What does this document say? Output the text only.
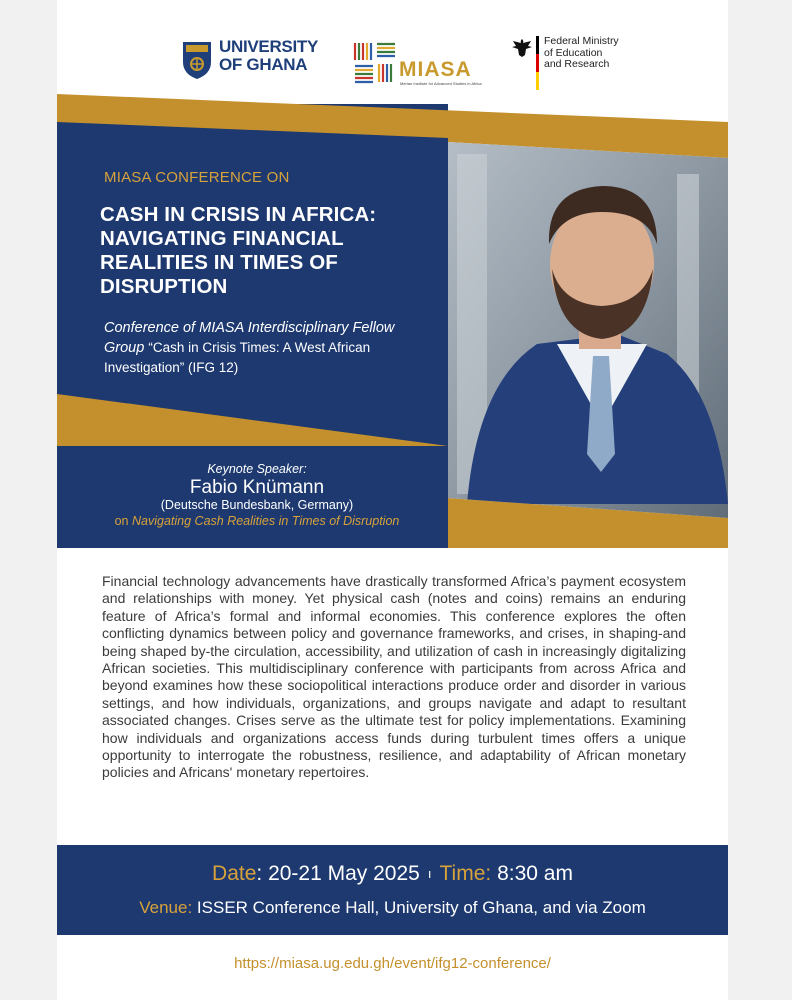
UNIVERSITY
OF GHANA	MIASA
Merian Institute for Advanced Studies in Africa
Federal Ministry
of Education
and Research
MIASA CONFERENCE ON
CASH IN CRISIS IN AFRICA: NAVIGATING FINANCIAL REALITIES IN TIMES OF DISRUPTION
Conference of MIASA Interdisciplinary Fellow Group “Cash in Crisis Times: A West African Investigation” (IFG 12)
Keynote Speaker:
Fabio Knümann
(Deutsche Bundesbank, Germany)
on Navigating Cash Realities in Times of Disruption
Financial technology advancements have drastically transformed Africa’s payment ecosystem and relationships with money. Yet physical cash (notes and coins) remains an enduring feature of Africa’s formal and informal economies. This conference explores the often conflicting dynamics between policy and governance frameworks, and crises, in shaping-and being shaped by-the circulation, accessibility, and utilization of cash in increasingly digitalizing African societies. This multidisciplinary conference with participants from across Africa and beyond examines how these sociopolitical interactions produce order and disorder in various settings, and how individuals, organizations, and groups navigate and adapt to resultant associated changes. Crises serve as the ultimate test for policy implementations. Examining how individuals and organizations access funds during turbulent times offers a unique opportunity to interrogate the robustness, resilience, and adaptability of African monetary policies and Africans' monetary repertoires.
Date: 20-21 May 2025 ı Time: 8:30 am
Venue: ISSER Conference Hall, University of Ghana, and via Zoom
https://miasa.ug.edu.gh/event/ifg12-conference/
